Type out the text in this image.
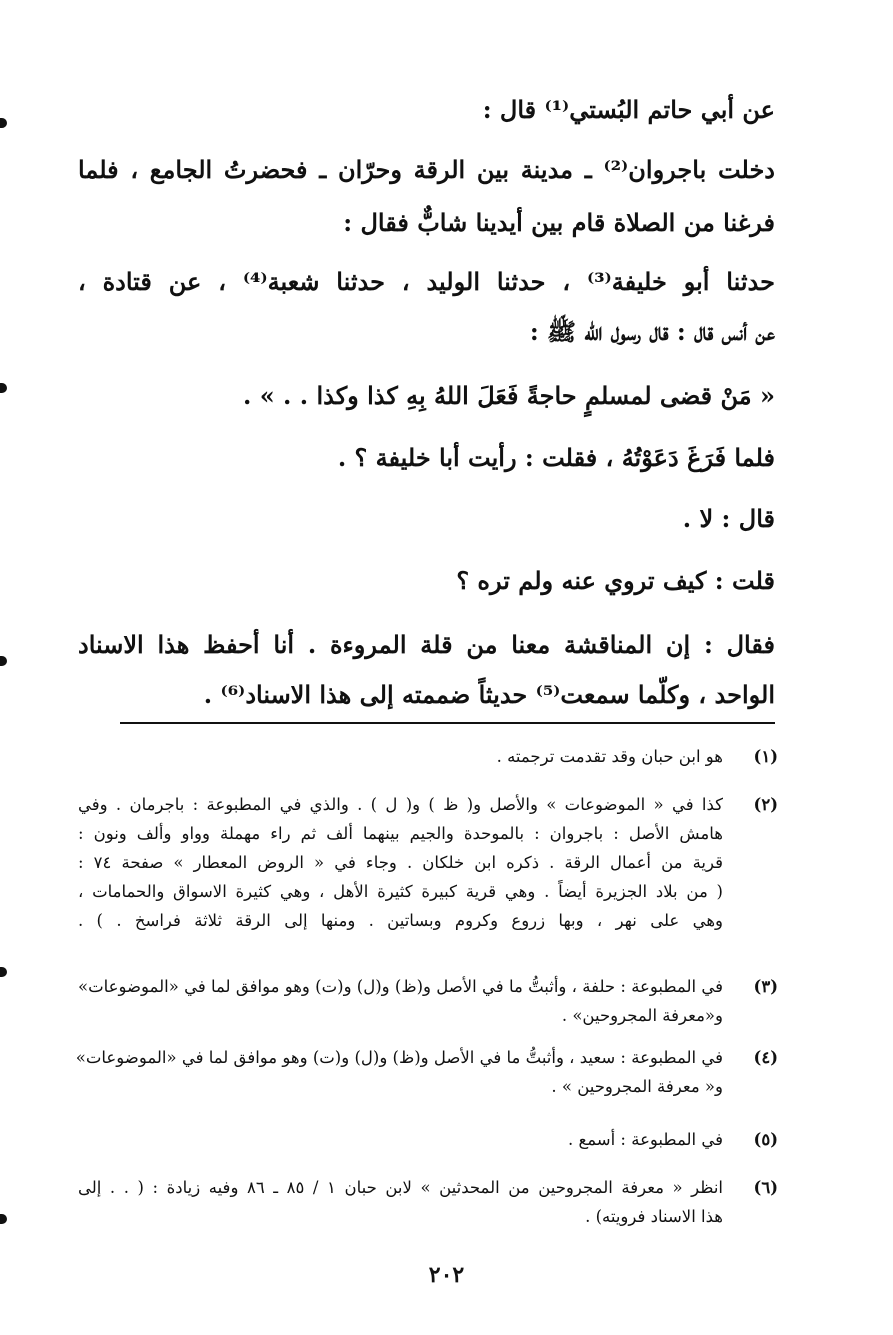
عن أبي حاتم البُستي⁽¹⁾ قال :
دخلت باجروان⁽²⁾ ـ مدينة بين الرقة وحرّان ـ فحضرتُ الجامع ، فلما
فرغنا من الصلاة قام بين أيدينا شابٌّ فقال :
حدثنا أبو خليفة⁽³⁾ ، حدثنا الوليد ، حدثنا شعبة⁽⁴⁾ ، عن قتادة ،
عن أنس قال : قال رسول الله ﷺ :
« مَنْ قضى لمسلمٍ حاجةً فَعَلَ اللهُ بِهِ كذا وكذا . . » .
فلما فَرَغَ دَعَوْتُهُ ، فقلت : رأيت أبا خليفة ؟ .
قال : لا .
قلت : كيف تروي عنه ولم تره ؟
فقال : إن المناقشة معنا من قلة المروءة . أنا أحفظ هذا الاسناد
الواحد ، وكلّما سمعت⁽⁵⁾ حديثاً ضممته إلى هذا الاسناد⁽⁶⁾ .
(١)
هو ابن حبان وقد تقدمت ترجمته .
(٢)
كذا في « الموضوعات » والأصل و( ظ ) و( ل ) . والذي في المطبوعة : باجرمان . وفي
هامش الأصل : باجروان : بالموحدة والجيم بينهما ألف ثم راء مهملة وواو وألف ونون :
قرية من أعمال الرقة . ذكره ابن خلكان . وجاء في « الروض المعطار » صفحة ٧٤ :
( من بلاد الجزيرة أيضاً . وهي قرية كبيرة كثيرة الأهل ، وهي كثيرة الاسواق والحمامات ،
وهي على نهر ، وبها زروع وكروم وبساتين . ومنها إلى الرقة ثلاثة فراسخ . ) .
(٣)
في المطبوعة : حلفة ، وأثبتُّ ما في الأصل و(ظ) و(ل) و(ت) وهو موافق لما في «الموضوعات»
و«معرفة المجروحين» .
(٤)
في المطبوعة : سعيد ، وأثبتُّ ما في الأصل و(ظ) و(ل) و(ت) وهو موافق لما في «الموضوعات»
و« معرفة المجروحين » .
(٥)
في المطبوعة : أسمع .
(٦)
انظر « معرفة المجروحين من المحدثين » لابن حبان ١ / ٨٥ ـ ٨٦ وفيه زيادة : ( . . إلى
هذا الاسناد فرويته) .
٢٠٢
